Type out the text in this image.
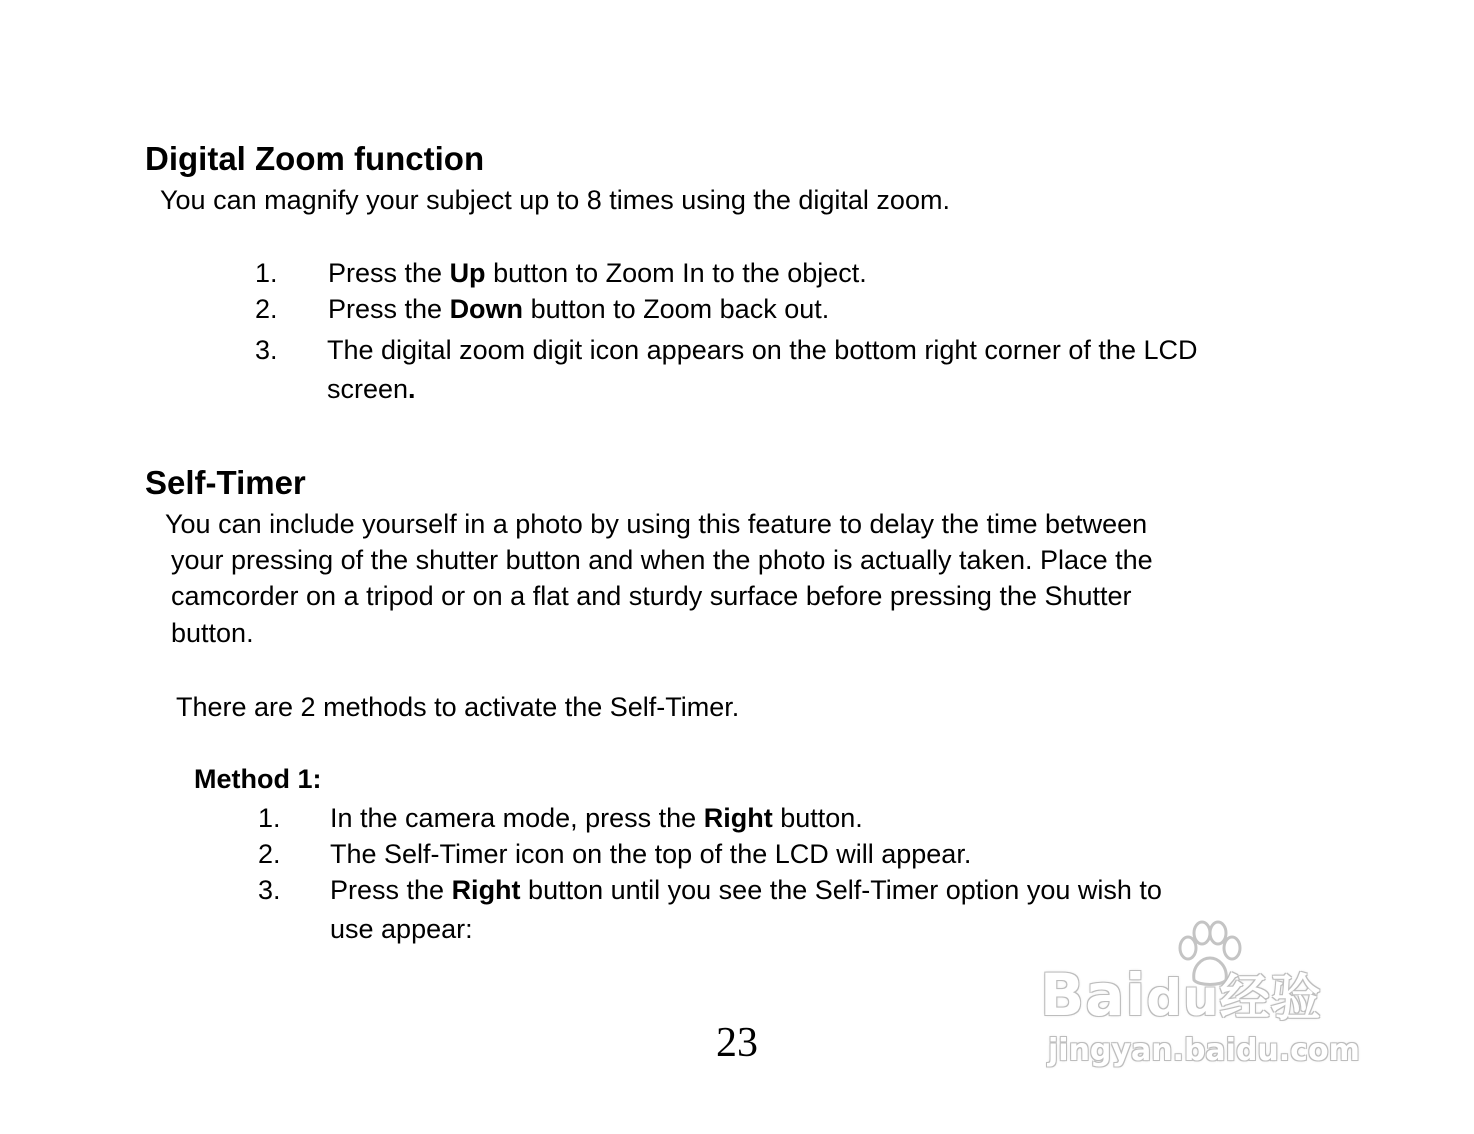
Digital Zoom function
You can magnify your subject up to 8 times using the digital zoom.
1. Press the Up button to Zoom In to the object.
2. Press the Down button to Zoom back out.
3. The digital zoom digit icon appears on the bottom right corner of the LCD
screen.
Self-Timer
You can include yourself in a photo by using this feature to delay the time between
your pressing of the shutter button and when the photo is actually taken. Place the
camcorder on a tripod or on a flat and sturdy surface before pressing the Shutter
button.
There are 2 methods to activate the Self-Timer.
Method 1:
1. In the camera mode, press the Right button.
2. The Self-Timer icon on the top of the LCD will appear.
3. Press the Right button until you see the Self-Timer option you wish to
use appear:
23
Baidu经验
jingyan.baidu.com
